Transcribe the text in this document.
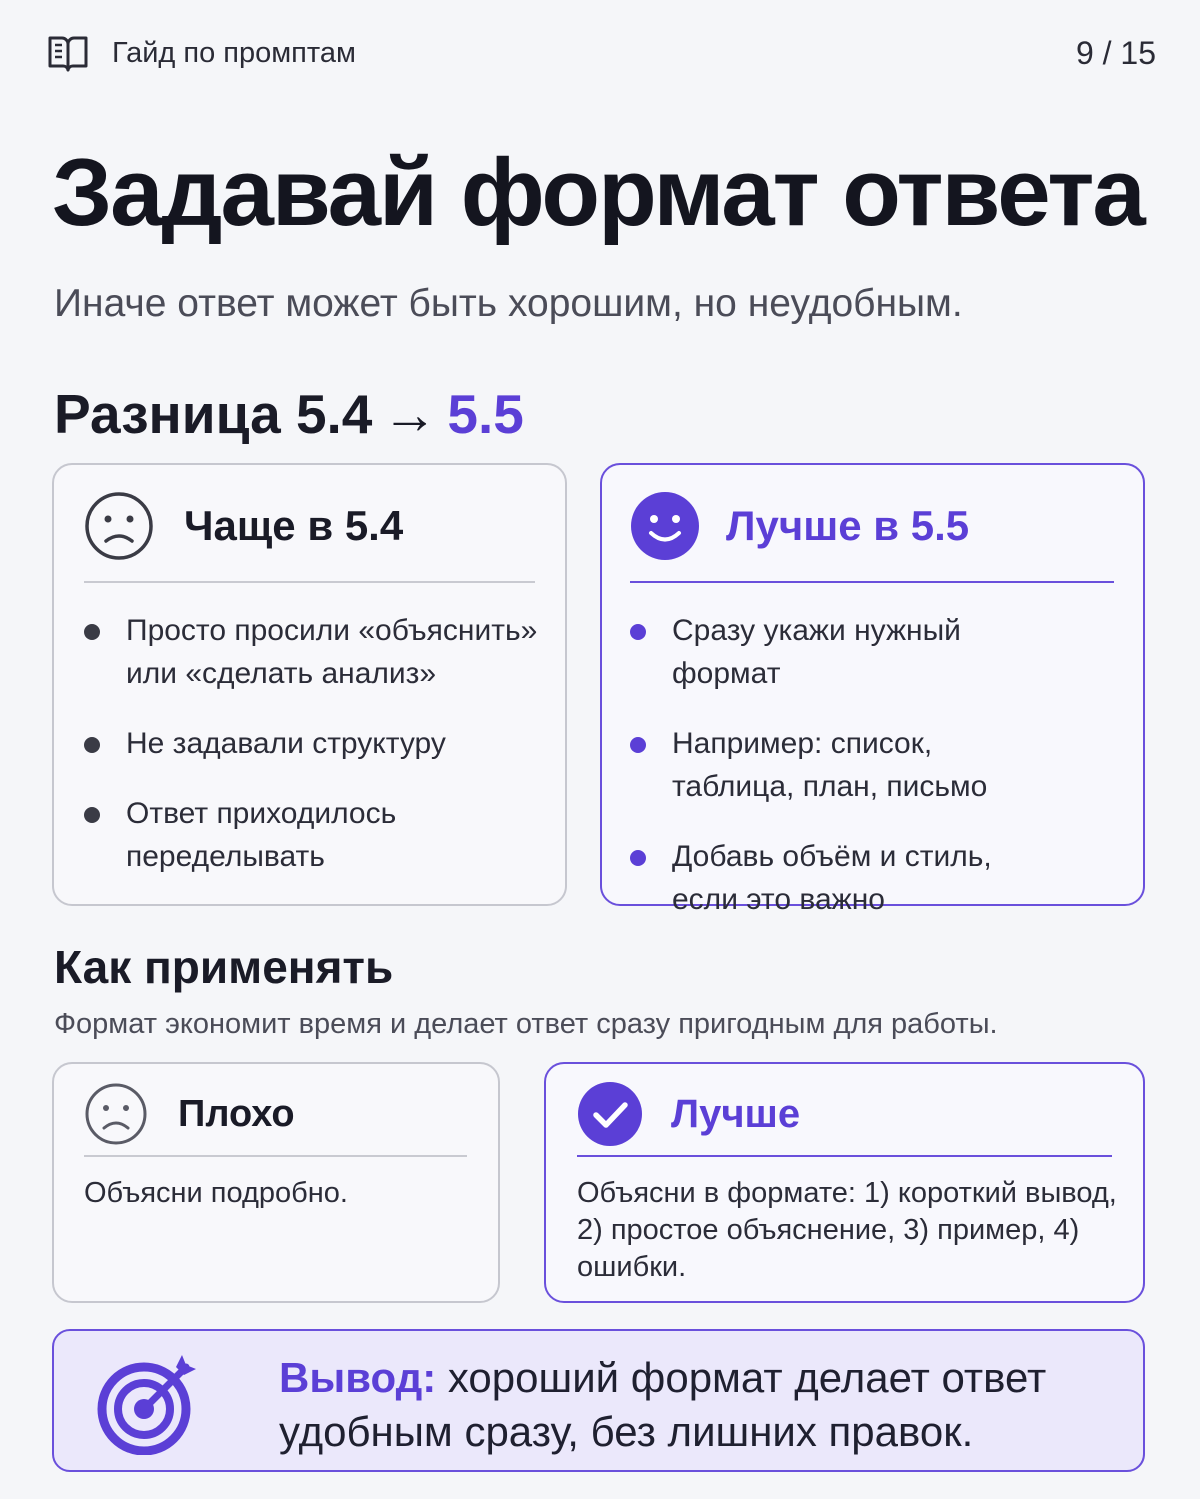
Гайд по промптам	9 / 15
Задавай формат ответа

Иначе ответ может быть хорошим, но неудобным.

Разница 5.4 → 5.5
Чаще в 5.4
Просто просили «объяснить» или «сделать анализ»
Не задавали структуру
Ответ приходилось переделывать
Лучше в 5.5
Сразу укажи нужный формат
Например: список, таблица, план, письмо
Добавь объём и стиль, если это важно
Как применять

Формат экономит время и делает ответ сразу пригодным для работы.

Плохо

Объясни подробно.

Лучше

Объясни в формате: 1) короткий вывод, 2) простое объяснение, 3) пример, 4) ошибки.

Вывод: хороший формат делает ответ удобным сразу, без лишних правок.
